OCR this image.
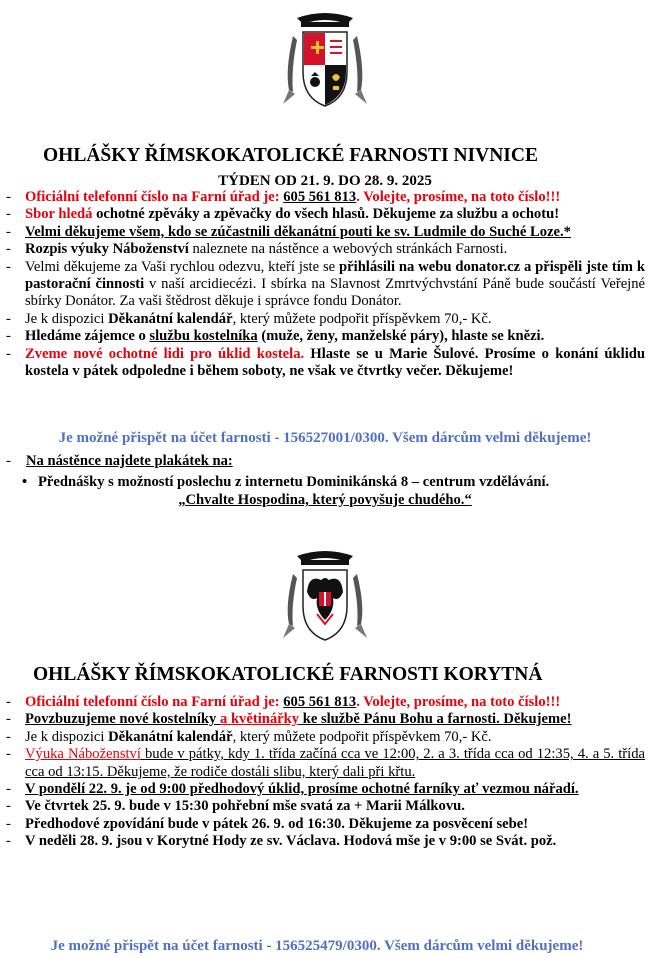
OHLÁŠKY ŘÍMSKOKATOLICKÉ FARNOSTI NIVNICE
TÝDEN OD 21. 9. DO 28. 9. 2025
- Oficiální telefonní číslo na Farní úřad je: 605 561 813. Volejte, prosíme, na toto číslo!!!
- Sbor hledá ochotné zpěváky a zpěvačky do všech hlasů. Děkujeme za službu a ochotu!
- Velmi děkujeme všem, kdo se zúčastnili děkanátní pouti ke sv. Ludmile do Suché Loze.*
- Rozpis výuky Náboženství naleznete na nástěnce a webových stránkách Farnosti.
- Velmi děkujeme za Vaši rychlou odezvu, kteří jste se přihlásili na webu donator.cz a přispěli jste tím k pastorační činnosti v naší arcidiecézi. I sbírka na Slavnost Zmrtvýchvstání Páně bude součástí Veřejné sbírky Donátor. Za vaši štědrost děkuje i správce fondu Donátor.
- Je k dispozici Děkanátní kalendář, který můžete podpořit příspěvkem 70,- Kč.
- Hledáme zájemce o službu kostelníka (muže, ženy, manželské páry), hlaste se knězi.
- Zveme nové ochotné lidi pro úklid kostela. Hlaste se u Marie Šulové. Prosíme o konání úklidu kostela v pátek odpoledne i během soboty, ne však ve čtvrtky večer. Děkujeme!
Je možné přispět na účet farnosti - 156527001/0300. Všem dárcům velmi děkujeme!
- Na nástěnce najdete plakátek na:
• Přednášky s možností poslechu z internetu Dominikánská 8 – centrum vzdělávání.
„Chvalte Hospodina, který povyšuje chudého.“
OHLÁŠKY ŘÍMSKOKATOLICKÉ FARNOSTI KORYTNÁ
- Oficiální telefonní číslo na Farní úřad je: 605 561 813. Volejte, prosíme, na toto číslo!!!
- Povzbuzujeme nové kostelníky a květinářky ke službě Pánu Bohu a farnosti. Děkujeme!
- Je k dispozici Děkanátní kalendář, který můžete podpořit příspěvkem 70,- Kč.
- Výuka Náboženství bude v pátky, kdy 1. třída začíná cca ve 12:00, 2. a 3. třída cca od 12:35, 4. a 5. třída cca od 13:15. Děkujeme, že rodiče dostáli slibu, který dali při křtu.
- V pondělí 22. 9. je od 9:00 předhodový úklid, prosíme ochotné farníky ať vezmou nářadí.
- Ve čtvrtek 25. 9. bude v 15:30 pohřební mše svatá za + Marii Málkovu.
- Předhodové zpovídání bude v pátek 26. 9. od 16:30. Děkujeme za posvěcení sebe!
- V neděli 28. 9. jsou v Korytné Hody ze sv. Václava. Hodová mše je v 9:00 se Svát. pož.
Je možné přispět na účet farnosti - 156525479/0300. Všem dárcům velmi děkujeme!
